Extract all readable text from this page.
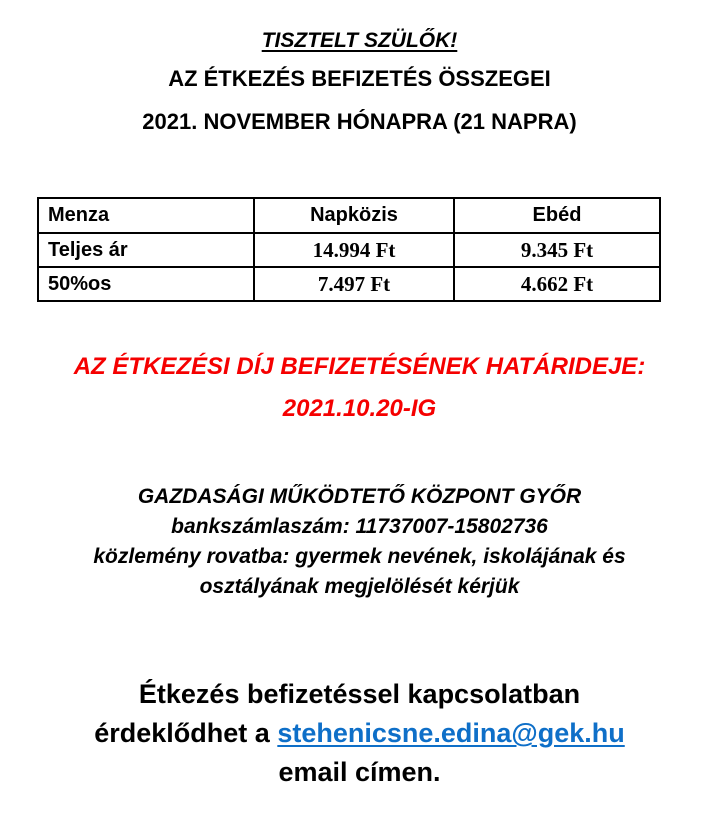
TISZTELT SZÜLŐK!
AZ ÉTKEZÉS BEFIZETÉS ÖSSZEGEI
2021. NOVEMBER HÓNAPRA (21 NAPRA)
Menza	Napközis	Ebéd
Teljes ár	14.994 Ft	9.345 Ft
50%os	7.497 Ft	4.662 Ft
AZ ÉTKEZÉSI DÍJ BEFIZETÉSÉNEK HATÁRIDEJE:
2021.10.20-IG
GAZDASÁGI MŰKÖDTETŐ KÖZPONT GYŐR
bankszámlaszám: 11737007-15802736
közlemény rovatba: gyermek nevének, iskolájának és
osztályának megjelölését kérjük
Étkezés befizetéssel kapcsolatban
érdeklődhet a stehenicsne.edina@gek.hu
email címen.
